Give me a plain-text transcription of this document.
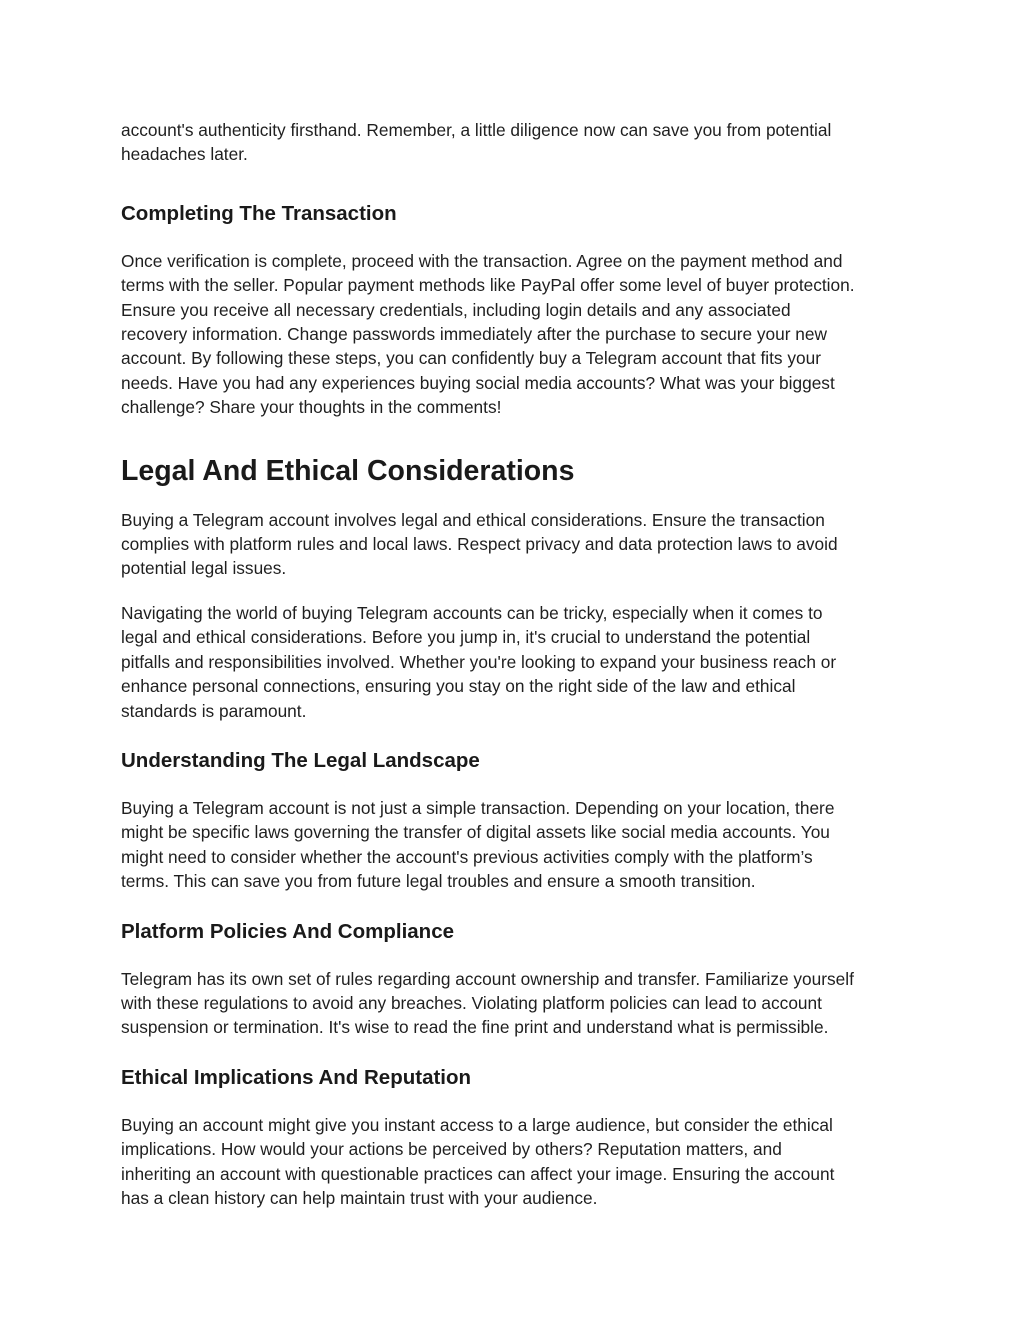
account's authenticity firsthand. Remember, a little diligence now can save you from potential
headaches later.

Completing The Transaction

Once verification is complete, proceed with the transaction. Agree on the payment method and
terms with the seller. Popular payment methods like PayPal offer some level of buyer protection.
Ensure you receive all necessary credentials, including login details and any associated
recovery information. Change passwords immediately after the purchase to secure your new
account. By following these steps, you can confidently buy a Telegram account that fits your
needs. Have you had any experiences buying social media accounts? What was your biggest
challenge? Share your thoughts in the comments!

Legal And Ethical Considerations

Buying a Telegram account involves legal and ethical considerations. Ensure the transaction
complies with platform rules and local laws. Respect privacy and data protection laws to avoid
potential legal issues.

Navigating the world of buying Telegram accounts can be tricky, especially when it comes to
legal and ethical considerations. Before you jump in, it's crucial to understand the potential
pitfalls and responsibilities involved. Whether you're looking to expand your business reach or
enhance personal connections, ensuring you stay on the right side of the law and ethical
standards is paramount.

Understanding The Legal Landscape

Buying a Telegram account is not just a simple transaction. Depending on your location, there
might be specific laws governing the transfer of digital assets like social media accounts. You
might need to consider whether the account's previous activities comply with the platform’s
terms. This can save you from future legal troubles and ensure a smooth transition.

Platform Policies And Compliance

Telegram has its own set of rules regarding account ownership and transfer. Familiarize yourself
with these regulations to avoid any breaches. Violating platform policies can lead to account
suspension or termination. It's wise to read the fine print and understand what is permissible.

Ethical Implications And Reputation

Buying an account might give you instant access to a large audience, but consider the ethical
implications. How would your actions be perceived by others? Reputation matters, and
inheriting an account with questionable practices can affect your image. Ensuring the account
has a clean history can help maintain trust with your audience.
